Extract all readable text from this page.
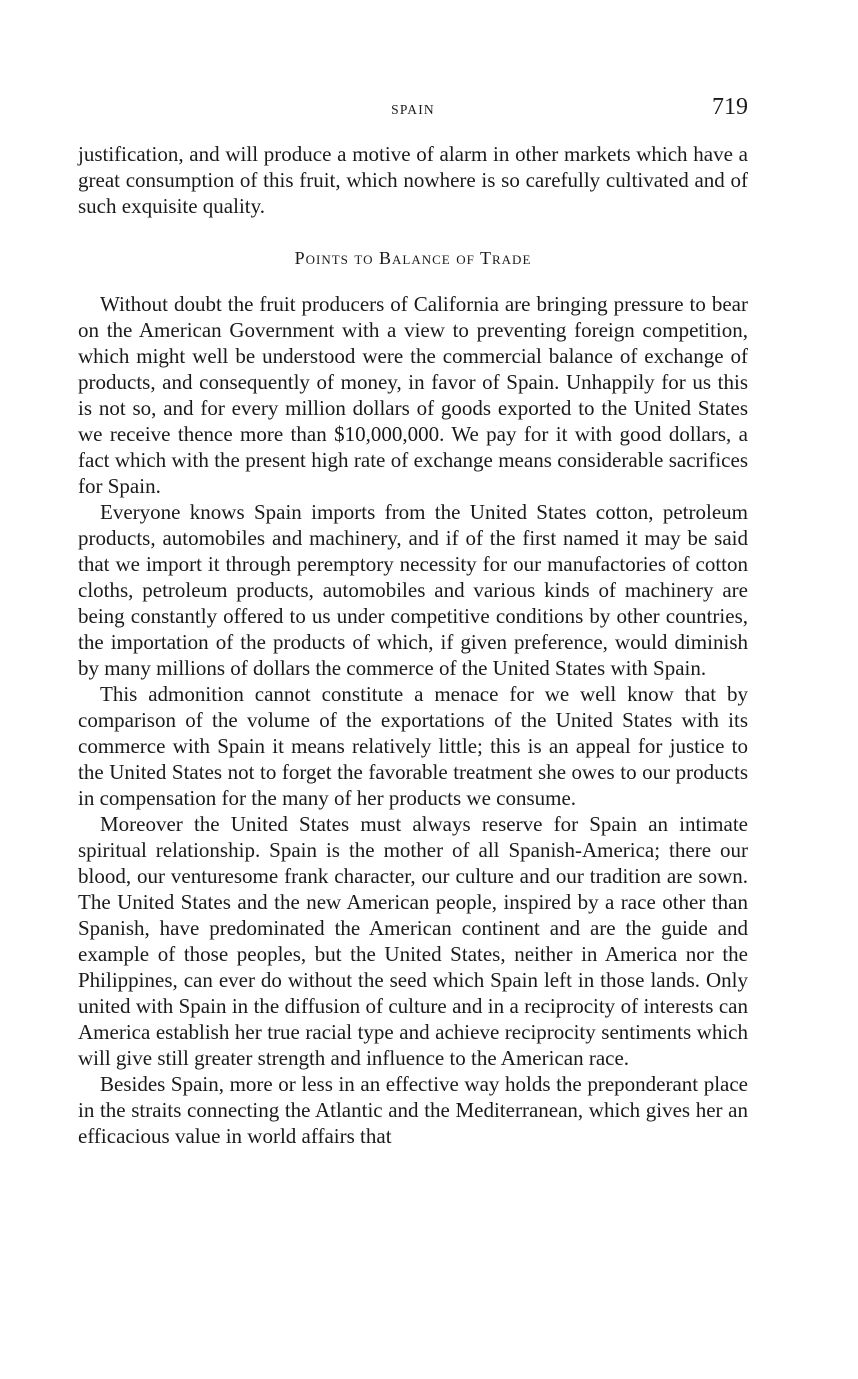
SPAIN	719

justification, and will produce a motive of alarm in other markets which have a great consumption of this fruit, which nowhere is so carefully cultivated and of such exquisite quality.

Points to Balance of Trade

Without doubt the fruit producers of California are bringing pressure to bear on the American Government with a view to preventing foreign competition, which might well be understood were the commercial balance of exchange of products, and consequently of money, in favor of Spain. Unhappily for us this is not so, and for every million dollars of goods exported to the United States we receive thence more than $10,000,000. We pay for it with good dollars, a fact which with the present high rate of exchange means considerable sacrifices for Spain.

Everyone knows Spain imports from the United States cotton, petroleum products, automobiles and machinery, and if of the first named it may be said that we import it through peremptory necessity for our manufactories of cotton cloths, petroleum products, automobiles and various kinds of machinery are being constantly offered to us under competitive conditions by other countries, the importation of the products of which, if given preference, would diminish by many millions of dollars the commerce of the United States with Spain.

This admonition cannot constitute a menace for we well know that by comparison of the volume of the exportations of the United States with its commerce with Spain it means relatively little; this is an appeal for justice to the United States not to forget the favorable treatment she owes to our products in compensation for the many of her products we consume.

Moreover the United States must always reserve for Spain an intimate spiritual relationship. Spain is the mother of all Spanish-America; there our blood, our venturesome frank character, our culture and our tradition are sown. The United States and the new American people, inspired by a race other than Spanish, have predominated the American continent and are the guide and example of those peoples, but the United States, neither in America nor the Philippines, can ever do without the seed which Spain left in those lands. Only united with Spain in the diffusion of culture and in a reciprocity of interests can America establish her true racial type and achieve reciprocity sentiments which will give still greater strength and influence to the American race.

Besides Spain, more or less in an effective way holds the preponderant place in the straits connecting the Atlantic and the Mediterranean, which gives her an efficacious value in world affairs that
